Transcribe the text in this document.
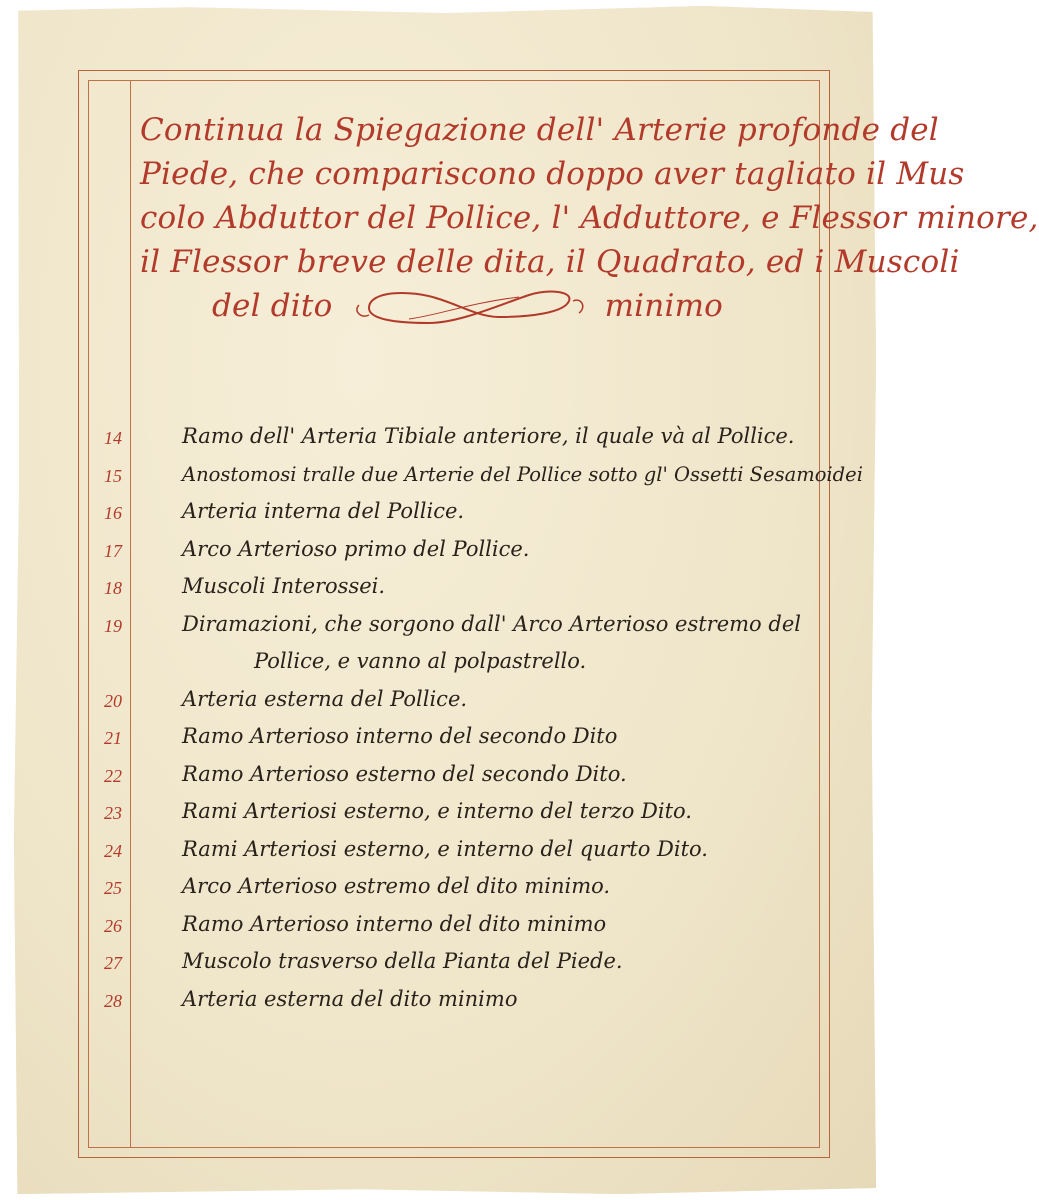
Continua la Spiegazione dell' Arterie profonde del
Piede, che compariscono doppo aver tagliato il Mus
colo Abduttor del Pollice, l' Adduttore, e Flessor minore,
il Flessor breve delle dita, il Quadrato, ed i Muscoli
del dito	minimo
14	Ramo dell' Arteria Tibiale anteriore, il quale và al Pollice.
15	Anostomosi tralle due Arterie del Pollice sotto gl' Ossetti Sesamoidei
16	Arteria interna del Pollice.
17	Arco Arterioso primo del Pollice.
18	Muscoli Interossei.
19	Diramazioni, che sorgono dall' Arco Arterioso estremo del
Pollice, e vanno al polpastrello.
20	Arteria esterna del Pollice.
21	Ramo Arterioso interno del secondo Dito
22	Ramo Arterioso esterno del secondo Dito.
23	Rami Arteriosi esterno, e interno del terzo Dito.
24	Rami Arteriosi esterno, e interno del quarto Dito.
25	Arco Arterioso estremo del dito minimo.
26	Ramo Arterioso interno del dito minimo
27	Muscolo trasverso della Pianta del Piede.
28	Arteria esterna del dito minimo
